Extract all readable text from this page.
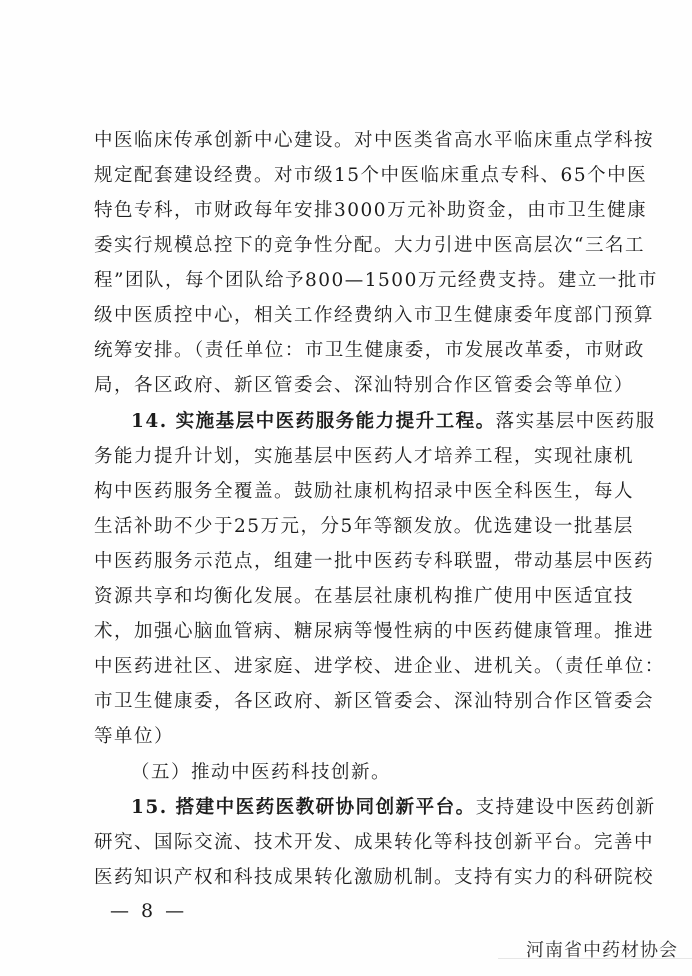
中医临床传承创新中心建设。对中医类省高水平临床重点学科按
规定配套建设经费。对市级15个中医临床重点专科、65个中医
特色专科，市财政每年安排3000万元补助资金，由市卫生健康
委实行规模总控下的竞争性分配。大力引进中医高层次“三名工
程”团队，每个团队给予800—1500万元经费支持。建立一批市
级中医质控中心，相关工作经费纳入市卫生健康委年度部门预算
统筹安排。（责任单位：市卫生健康委，市发展改革委，市财政
局，各区政府、新区管委会、深汕特别合作区管委会等单位）
14. 实施基层中医药服务能力提升工程。落实基层中医药服
务能力提升计划，实施基层中医药人才培养工程，实现社康机
构中医药服务全覆盖。鼓励社康机构招录中医全科医生，每人
生活补助不少于25万元，分5年等额发放。优选建设一批基层
中医药服务示范点，组建一批中医药专科联盟，带动基层中医药
资源共享和均衡化发展。在基层社康机构推广使用中医适宜技
术，加强心脑血管病、糖尿病等慢性病的中医药健康管理。推进
中医药进社区、进家庭、进学校、进企业、进机关。（责任单位：
市卫生健康委，各区政府、新区管委会、深汕特别合作区管委会
等单位）
（五）推动中医药科技创新。
15. 搭建中医药医教研协同创新平台。支持建设中医药创新
研究、国际交流、技术开发、成果转化等科技创新平台。完善中
医药知识产权和科技成果转化激励机制。支持有实力的科研院校
— 8 —
河南省中药材协会
